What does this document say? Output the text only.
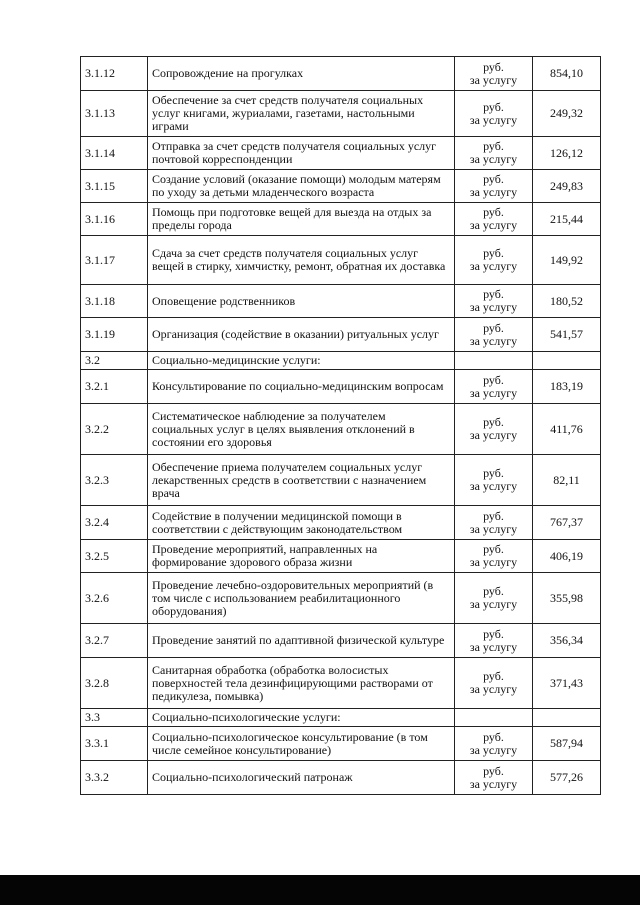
3.1.12	Сопровождение на прогулках	руб.
за услугу	854,10
3.1.13	Обеспечение за счет средств получателя социальных услуг книгами, журиалами, газетами, настольными играми	руб.
за услугу	249,32
3.1.14	Отправка за счет средств получателя социальных услуг почтовой корреспонденции	руб.
за услугу	126,12
3.1.15	Создание условий (оказание помощи) молодым матерям по уходу за детьми младенческого возраста	руб.
за услугу	249,83
3.1.16	Помощь при подготовке вещей для выезда на отдых за пределы города	руб.
за услугу	215,44
3.1.17	Сдача за счет средств получателя социальных услуг вещей в стирку, химчистку, ремонт, обратная их доставка	руб.
за услугу	149,92
3.1.18	Оповещение родственников	руб.
за услугу	180,52
3.1.19	Организация (содействие в оказании) ритуальных услуг	руб.
за услугу	541,57
3.2	Социально-медицинские услуги:		
3.2.1	Консультирование по социально-медицинским вопросам	руб.
за услугу	183,19
3.2.2	Систематическое наблюдение за получателем социальных услуг в целях выявления отклонений в состоянии его здоровья	руб.
за услугу	411,76
3.2.3	Обеспечение приема получателем социальных услуг лекарственных средств в соответствии с назначением врача	руб.
за услугу	82,11
3.2.4	Содействие в получении медицинской помощи в соответствии с действующим законодательством	руб.
за услугу	767,37
3.2.5	Проведение мероприятий, направленных на формирование здорового образа жизни	руб.
за услугу	406,19
3.2.6	Проведение лечебно-оздоровительных мероприятий (в том числе с использованием реабилитационного оборудования)	руб.
за услугу	355,98
3.2.7	Проведение занятий по адаптивной физической культуре	руб.
за услугу	356,34
3.2.8	Санитарная обработка (обработка волосистых поверхностей тела дезинфицирующими растворами от педикулеза, помывка)	руб.
за услугу	371,43
3.3	Социально-психологические услуги:		
3.3.1	Социально-психологическое консультирование (в том числе семейное консультирование)	руб.
за услугу	587,94
3.3.2	Социально-психологический патронаж	руб.
за услугу	577,26
